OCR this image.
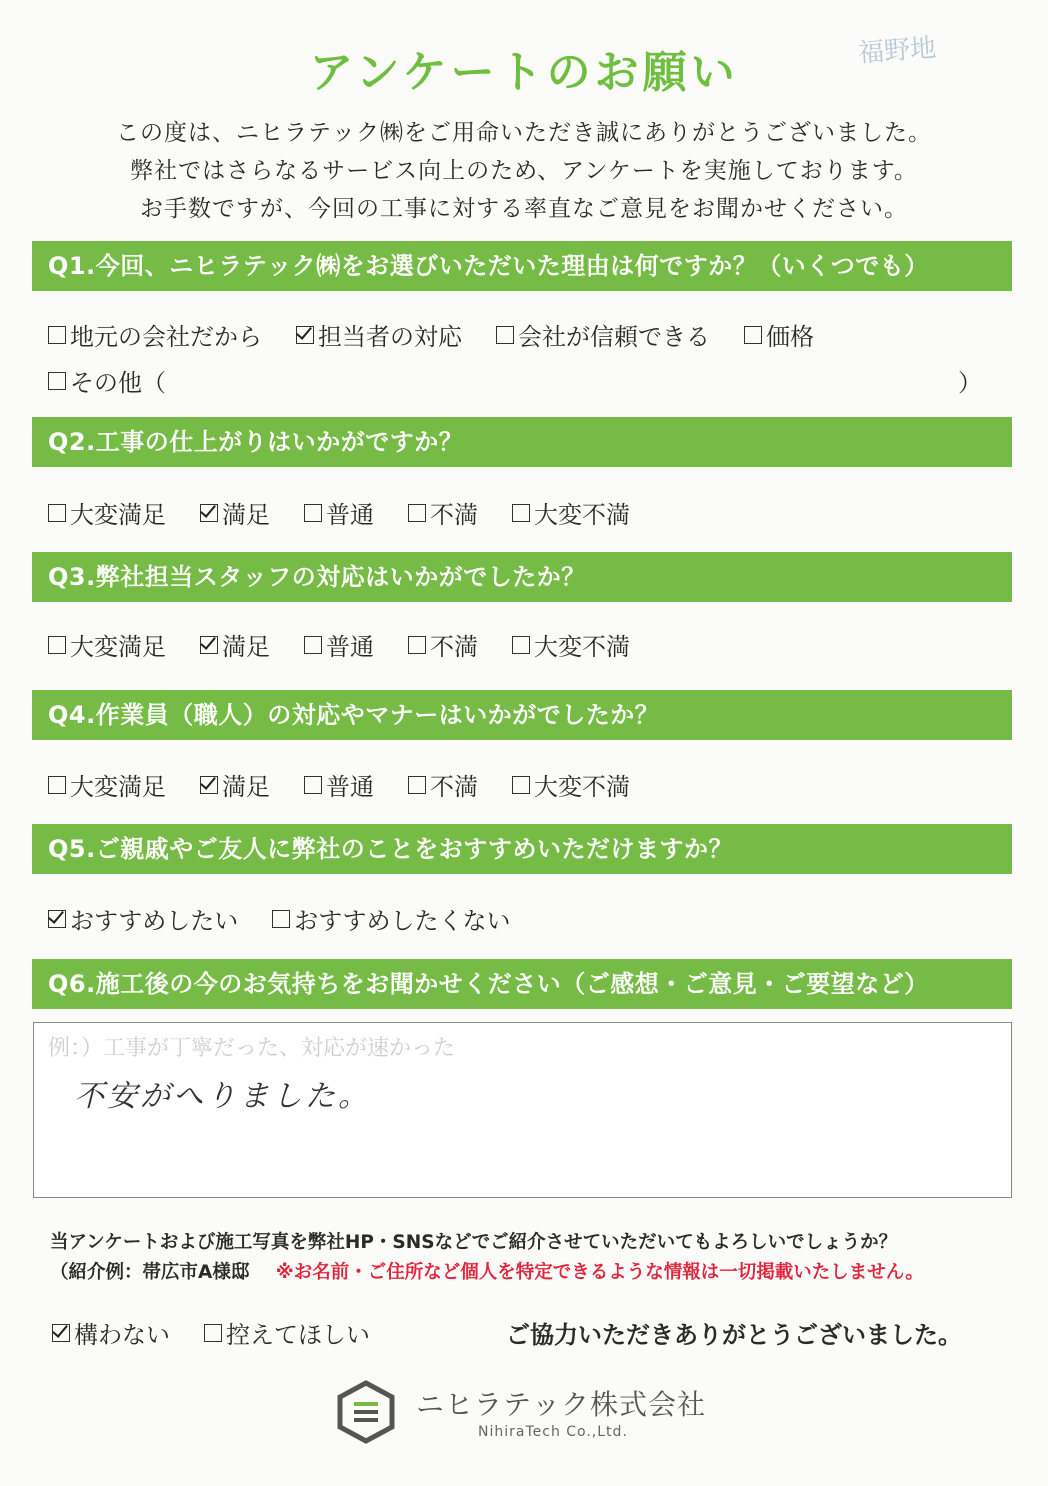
福野地
アンケートのお願い
この度は、ニヒラテック㈱をご用命いただき誠にありがとうございました。
弊社ではさらなるサービス向上のため、アンケートを実施しております。
お手数ですが、今回の工事に対する率直なご意見をお聞かせください。
Q1.今回、ニヒラテック㈱をお選びいただいた理由は何ですか？（いくつでも）
地元の会社だから 担当者の対応 会社が信頼できる 価格
その他（	）
Q2.工事の仕上がりはいかがですか？
大変満足 満足 普通 不満 大変不満
Q3.弊社担当スタッフの対応はいかがでしたか？
大変満足 満足 普通 不満 大変不満
Q4.作業員（職人）の対応やマナーはいかがでしたか？
大変満足 満足 普通 不満 大変不満
Q5.ご親戚やご友人に弊社のことをおすすめいただけますか？
おすすめしたい おすすめしたくない
Q6.施工後の今のお気持ちをお聞かせください（ご感想・ご意見・ご要望など）
例：）工事が丁寧だった、対応が速かった
不安がへりました。
当アンケートおよび施工写真を弊社HP・SNSなどでご紹介させていただいてもよろしいでしょうか？
（紹介例：帯広市A様邸 ※お名前・ご住所など個人を特定できるような情報は一切掲載いたしません。
構わない 控えてほしい	ご協力いただきありがとうございました。
ニヒラテック株式会社
NihiraTech Co.,Ltd.
